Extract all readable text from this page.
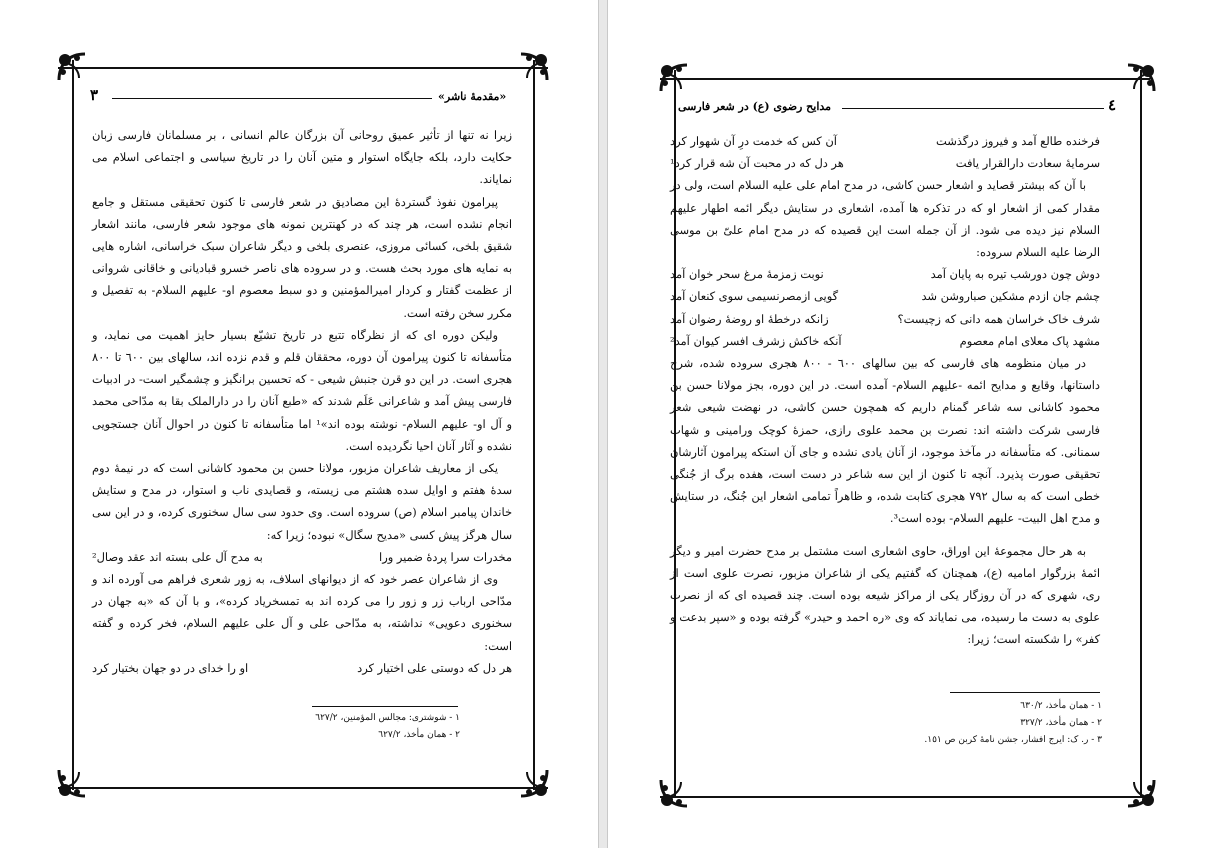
٣	«مقدمهٔ ناشر»

زیرا نه تنها از تأثیر عمیق روحانی آن بزرگان عالم انسانی ، بر مسلمانان فارسی زبان حکایت دارد، بلکه جایگاه استوار و متین آنان را در تاریخ سیاسی و اجتماعی اسلام می نمایاند.

پیرامون نفوذ گستردهٔ این مصادیق در شعر فارسی تا کنون تحقیقی مستقل و جامع انجام نشده است، هر چند که در کهنترین نمونه های موجود شعر فارسی، مانند اشعار شقیق بلخی، کسائی مروزی، عنصری بلخی و دیگر شاعران سبک خراسانی، اشاره هایی به نمایه های مورد بحث هست. و در سروده های ناصر خسرو قبادیانی و خاقانی شروانی از عظمت گفتار و کردار امیرالمؤمنین و دو سبط معصوم او- علیهم السلام- به تفصیل و مکرر سخن رفته است.

ولیکن دوره ای که از نظرگاه تتبع در تاریخ تشیّع بسیار حایز اهمیت می نماید، و متأسفانه تا کنون پیرامون آن دوره، محققان قلم و قدم نزده اند، سالهای بین ٦٠٠ تا ٨٠٠ هجری است. در این دو قرن جنبش شیعی - که تحسین برانگیز و چشمگیر است- در ادبیات فارسی پیش آمد و شاعرانی عَلَم شدند که «طبع آنان را در دارالملک بقا به مدّاحی محمد و آل او- علیهم السلام- نوشته بوده اند»¹ اما متأسفانه تا کنون در احوال آنان جستجویی نشده و آثار آنان احیا نگردیده است.

یکی از معاریف شاعران مزبور، مولانا حسن بن محمود کاشانی است که در نیمهٔ دوم سدهٔ هفتم و اوایل سده هشتم می زیسته، و قصایدی ناب و استوار، در مدح و ستایش خاندان پیامبر اسلام (ص) سروده است. وی حدود سی سال سخنوری کرده، و در این سی سال هرگز پیش کسی «مدیح سگال» نبوده؛ زیرا که:

مخدرات سرا پردهٔ ضمیر ورا
به مدح آل علی بسته اند عقد وصال²

وی از شاعران عصر خود که از دیوانهای اسلاف، به زور شعری فراهم می آورده اند و مدّاحی ارباب زر و زور را می کرده اند به تمسخرياد کرده»، و با آن که «به جهان در سخنوری دعویی» نداشته، به مدّاحی علی و آل علی علیهم السلام، فخر کرده و گفته است:

هر دل که دوستی علی اختیار کرد
او را خدای در دو جهان بختیار کرد
١ - شوشتری: مجالس المؤمنین، ٦٢٧/٢
٢ - همان مأخذ، ٦٢٧/٢
مدایح رضوی (ع) در شعر فارسی	٤
فرخنده طالع آمد و فیروز درگذشت
آن کس که خدمت درِ آن شهوار کرد
سرمایهٔ سعادت دارالقرار یافت
هر دل که در محبت آن شه قرار کرد¹

با آن که بیشتر قصاید و اشعار حسن کاشی، در مدح امام علی علیه السلام است، ولی در مقدار کمی از اشعار او که در تذکره ها آمده، اشعاری در ستایش دیگر ائمه اطهار علیهم السلام نیز دیده می شود. از آن جمله است این قصیده که در مدح امام علیّ بن موسی الرضا علیه السلام سروده:

دوش چون دورشب تیره به پایان آمد
نوبت زمزمهٔ مرغ سحر خوان آمد
چشم جان ازدم مشکین صباروشن شد
گویی ازمصرنسیمی سوی کنعان آمد
شرف خاک خراسان همه دانی که زچیست؟
زانکه درخطهٔ او روضهٔ رضوان آمد
مشهد پاک معلای امام معصوم
آنکه خاکش زشرف افسر کیوان آمد²

در میان منظومه های فارسی که بین سالهای ٦٠٠ - ٨٠٠ هجری سروده شده، شرح داستانها، وقایع و مدایح ائمه -علیهم السلام- آمده است. در این دوره، بجز مولانا حسن بن محمود کاشانی سه شاعر گمنام داریم که همچون حسن کاشی، در نهضت شیعی شعر فارسی شرکت داشته اند: نصرت بن محمد علوی رازی، حمزهٔ کوچک ورامینی و شهاب سمنانی. که متأسفانه در مآخذ موجود، از آنان یادی نشده و جای آن استکه پیرامون آثارشان تحقیقی صورت پذیرد. آنچه تا کنون از این سه شاعر در دست است، هفده برگ از جُنگی خطی است که به سال ٧٩٢ هجری کتابت شده، و ظاهراً تمامی اشعار این جُنگ، در ستایش و مدح اهل البیت- علیهم السلام- بوده است³.

به هر حال مجموعهٔ این اوراق، حاوی اشعاری است مشتمل بر مدح حضرت امیر و دیگر ائمهٔ بزرگوار امامیه (ع)، همچنان که گفتیم یکی از شاعران مزبور، نصرت علوی است از ری، شهری که در آن روزگار یکی از مراکز شیعه بوده است. چند قصیده ای که از نصرت علوی به دست ما رسیده، می نمایاند که وی «ره احمد و حیدر» گرفته بوده و «سپر بدعت و کفر» را شکسته است؛ زیرا:

١ - همان مأخذ، ٦٣٠/٢
٢ - همان مأخذ، ٣٢٧/٢
٣ - ر. ک: ایرج افشار، جشن نامهٔ کربن ص ١٥١.
